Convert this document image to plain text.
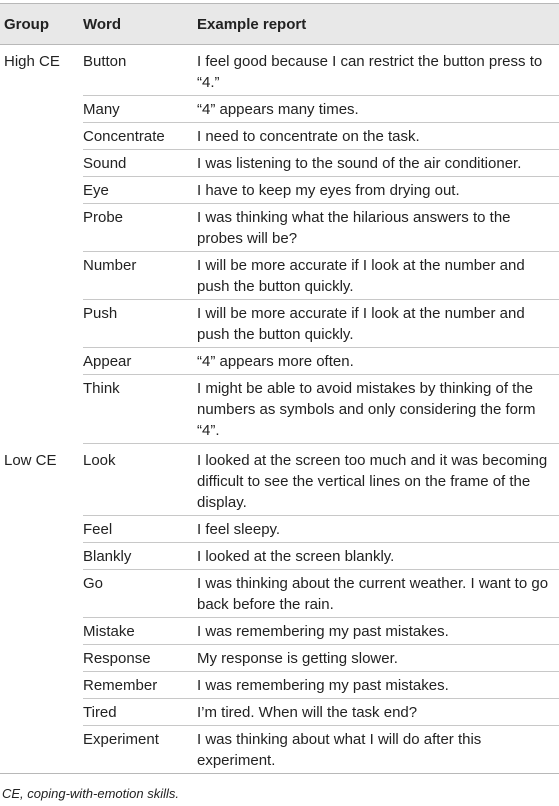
Group	Word	Example report
High CE	Button	I feel good because I can restrict the button press to “4.”
	Many	“4” appears many times.
	Concentrate	I need to concentrate on the task.
	Sound	I was listening to the sound of the air conditioner.
	Eye	I have to keep my eyes from drying out.
	Probe	I was thinking what the hilarious answers to the probes will be?
	Number	I will be more accurate if I look at the number and push the button quickly.
	Push	I will be more accurate if I look at the number and push the button quickly.
	Appear	“4” appears more often.
	Think	I might be able to avoid mistakes by thinking of the numbers as symbols and only considering the form “4”.
Low CE	Look	I looked at the screen too much and it was becoming difficult to see the vertical lines on the frame of the display.
	Feel	I feel sleepy.
	Blankly	I looked at the screen blankly.
	Go	I was thinking about the current weather. I want to go back before the rain.
	Mistake	I was remembering my past mistakes.
	Response	My response is getting slower.
	Remember	I was remembering my past mistakes.
	Tired	I’m tired. When will the task end?
	Experiment	I was thinking about what I will do after this experiment.
CE, coping-with-emotion skills.
